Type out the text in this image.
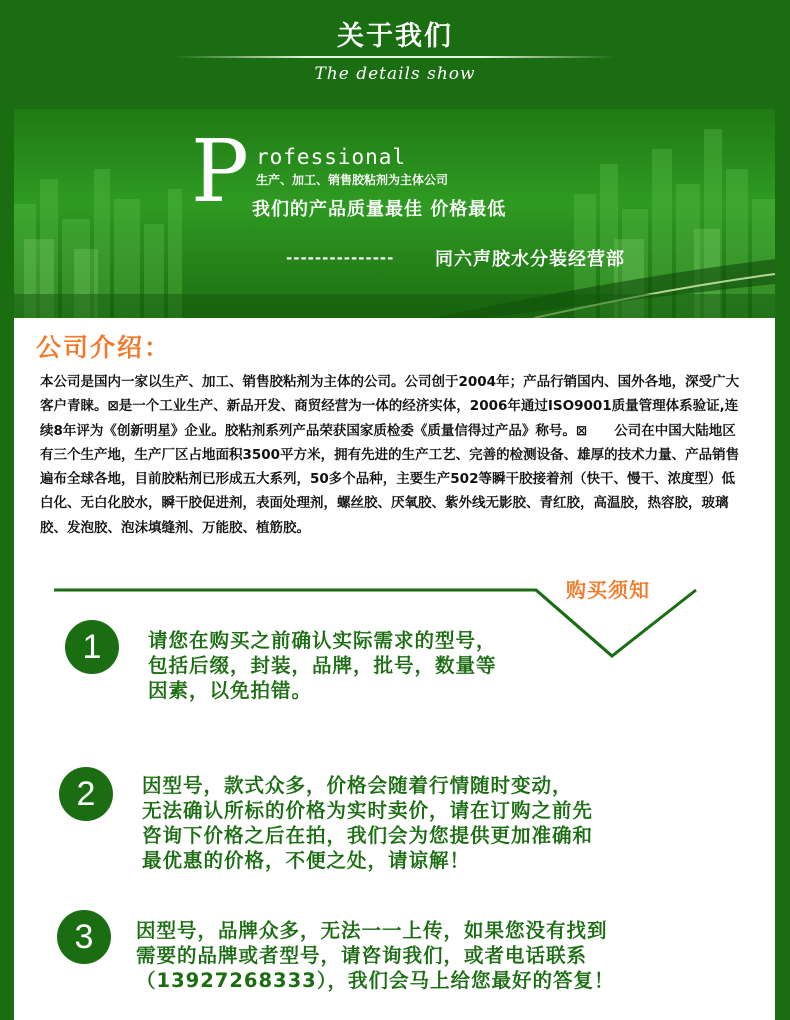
关于我们
The details show
P rofessional
生产、加工、销售胶粘剂为主体公司
我们的产品质量最佳 价格最低
--------------- 同六声胶水分装经营部
公司介绍：
本公司是国内一家以生产、加工、销售胶粘剂为主体的公司。公司创于2004年；产品行销国内、国外各地，深受广大客户青睐。⊠是一个工业生产、新品开发、商贸经营为一体的经济实体，2006年通过ISO9001质量管理体系验证,连续8年评为《创新明星》企业。胶粘剂系列产品荣获国家质检委《质量信得过产品》称号。⊠　　公司在中国大陆地区有三个生产地，生产厂区占地面积3500平方米，拥有先进的生产工艺、完善的检测设备、雄厚的技术力量、产品销售遍布全球各地，目前胶粘剂已形成五大系列，50多个品种，主要生产502等瞬干胶接着剂（快干、慢干、浓度型）低白化、无白化胶水，瞬干胶促进剂，表面处理剂，螺丝胶、厌氧胶、紫外线无影胶、青红胶，高温胶，热容胶，玻璃胶、发泡胶、泡沫填缝剂、万能胶、植筋胶。
购买须知
1	请您在购买之前确认实际需求的型号，
包括后缀，封装，品牌，批号，数量等
因素，以免拍错。
2	因型号，款式众多，价格会随着行情随时变动，
无法确认所标的价格为实时卖价，请在订购之前先
咨询下价格之后在拍，我们会为您提供更加准确和
最优惠的价格，不便之处，请谅解！
3	因型号，品牌众多，无法一一上传，如果您没有找到
需要的品牌或者型号，请咨询我们，或者电话联系
（13927268333），我们会马上给您最好的答复！
